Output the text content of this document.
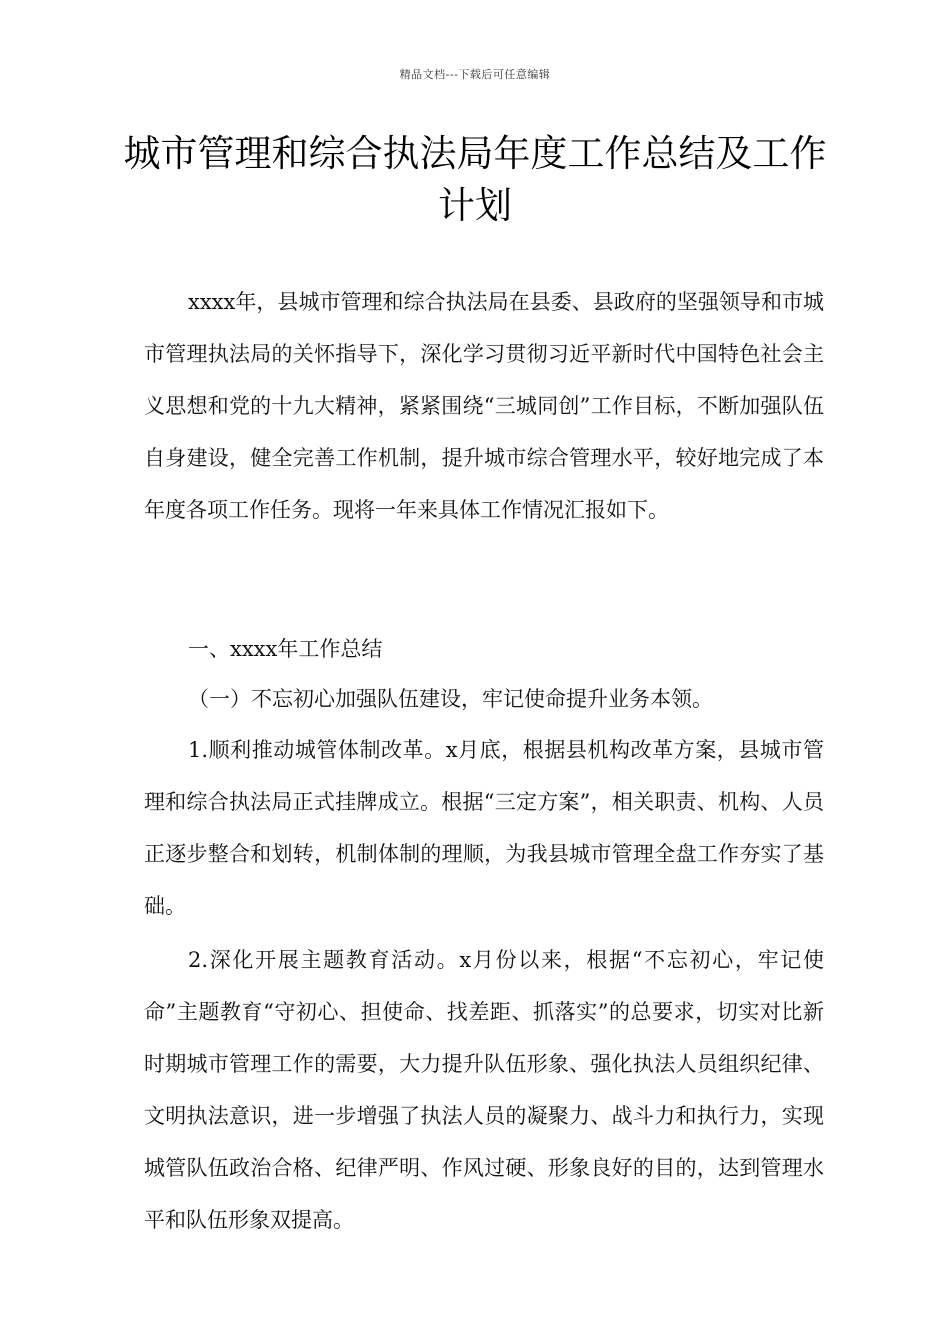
精品文档---下载后可任意编辑
城市管理和综合执法局年度工作总结及工作计划

xxxx年，县城市管理和综合执法局在县委、县政府的坚强领导和市城市管理执法局的关怀指导下，深化学习贯彻习近平新时代中国特色社会主义思想和党的十九大精神，紧紧围绕“三城同创”工作目标，不断加强队伍自身建设，健全完善工作机制，提升城市综合管理水平，较好地完成了本年度各项工作任务。现将一年来具体工作情况汇报如下。

一、xxxx年工作总结

（一）不忘初心加强队伍建设，牢记使命提升业务本领。

1.顺利推动城管体制改革。x月底，根据县机构改革方案，县城市管理和综合执法局正式挂牌成立。根据“三定方案”，相关职责、机构、人员正逐步整合和划转，机制体制的理顺，为我县城市管理全盘工作夯实了基础。

2.深化开展主题教育活动。x月份以来，根据“不忘初心，牢记使命”主题教育“守初心、担使命、找差距、抓落实”的总要求，切实对比新时期城市管理工作的需要，大力提升队伍形象、强化执法人员组织纪律、文明执法意识，进一步增强了执法人员的凝聚力、战斗力和执行力，实现城管队伍政治合格、纪律严明、作风过硬、形象良好的目的，达到管理水平和队伍形象双提高。
